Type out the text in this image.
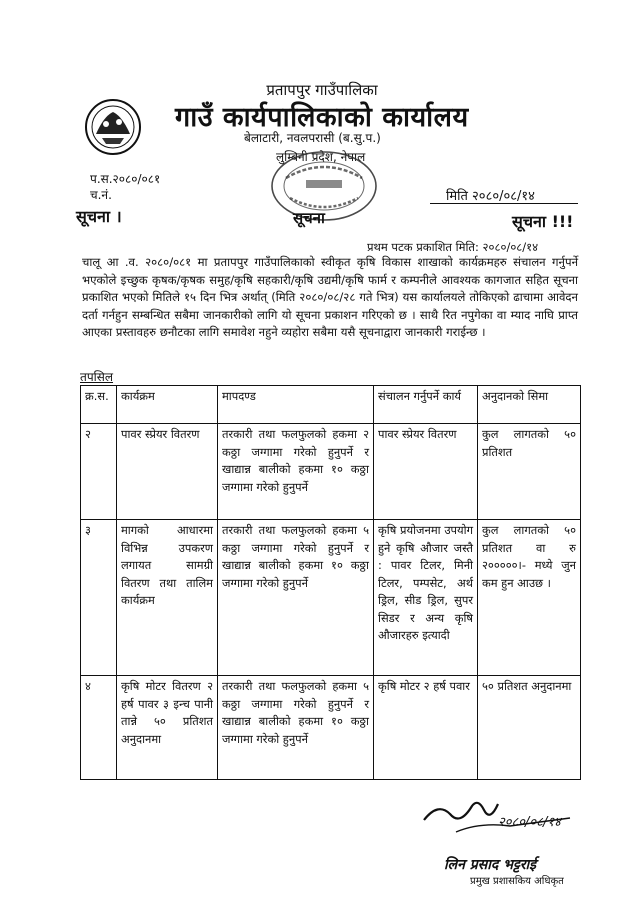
प्रतापपुर गाउँपालिका
गाउँ कार्यपालिकाको कार्यालय
बेलाटारी, नवलपरासी (ब.सु.प.)
लुम्बिनी प्रदेश, नेपाल
प.स.२०८०/०८१
च.नं.	मिति २०८०/०८/१४
सूचना ।	सूचना	सूचना !!!
प्रथम पटक प्रकाशित मिति: २०८०/०८/१४
चालू आ .व. २०८०/०८१ मा प्रतापपुर गाउँपालिकाको स्वीकृत कृषि विकास शाखाको कार्यक्रमहरु संचालन गर्नुपर्ने भएकोले इच्छुक कृषक/कृषक समुह/कृषि सहकारी/कृषि उद्यमी/कृषि फार्म र कम्पनीले आवश्यक कागजात सहित सूचना प्रकाशित भएको मितिले १५ दिन भित्र अर्थात् (मिति २०८०/०८/२८ गते भित्र) यस कार्यालयले तोकिएको ढाचामा आवेदन दर्ता गर्नहुन सम्बन्धित सबैमा जानकारीको लागि यो सूचना प्रकाशन गरिएको छ । साथै रित नपुगेका वा म्याद नाघि प्राप्त आएका प्रस्तावहरु छनौटका लागि समावेश नहुने व्यहोरा सबैमा यसै सूचनाद्वारा जानकारी गराईन्छ ।
तपसिल
क्र.स.	कार्यक्रम	मापदण्ड	संचालन गर्नुपर्ने कार्य	अनुदानको सिमा
२	पावर स्प्रेयर वितरण	तरकारी तथा फलफुलको हकमा २ कठ्ठा जग्गामा गरेको हुनुपर्ने र खाद्यान्न बालीको हकमा १० कठ्ठा जग्गामा गरेको हुनुपर्ने	पावर स्प्रेयर वितरण	कुल लागतको ५० प्रतिशत
३	मागको आधारमा विभिन्न उपकरण लगायत सामग्री वितरण तथा तालिम कार्यक्रम	तरकारी तथा फलफुलको हकमा ५ कठ्ठा जग्गामा गरेको हुनुपर्ने र खाद्यान्न बालीको हकमा १० कठ्ठा जग्गामा गरेको हुनुपर्ने	कृषि प्रयोजनमा उपयोग हुने कृषि औजार जस्तै : पावर टिलर, मिनी टिलर, पम्पसेट, अर्थ ड्रिल, सीड ड्रिल, सुपर सिडर र अन्य कृषि औजारहरु इत्यादी	कुल लागतको ५० प्रतिशत वा रु २०००००।- मध्ये जुन कम हुन आउछ ।
४	कृषि मोटर वितरण २ हर्ष पावर ३ इन्च पानी तान्ने ५० प्रतिशत अनुदानमा	तरकारी तथा फलफुलको हकमा ५ कठ्ठा जग्गामा गरेको हुनुपर्ने र खाद्यान्न बालीको हकमा १० कठ्ठा जग्गामा गरेको हुनुपर्ने	कृषि मोटर २ हर्ष पवार	५० प्रतिशत अनुदानमा
२०८०/०८/१४
लिन प्रसाद भट्टराई
प्रमुख प्रशासकिय अधिकृत
